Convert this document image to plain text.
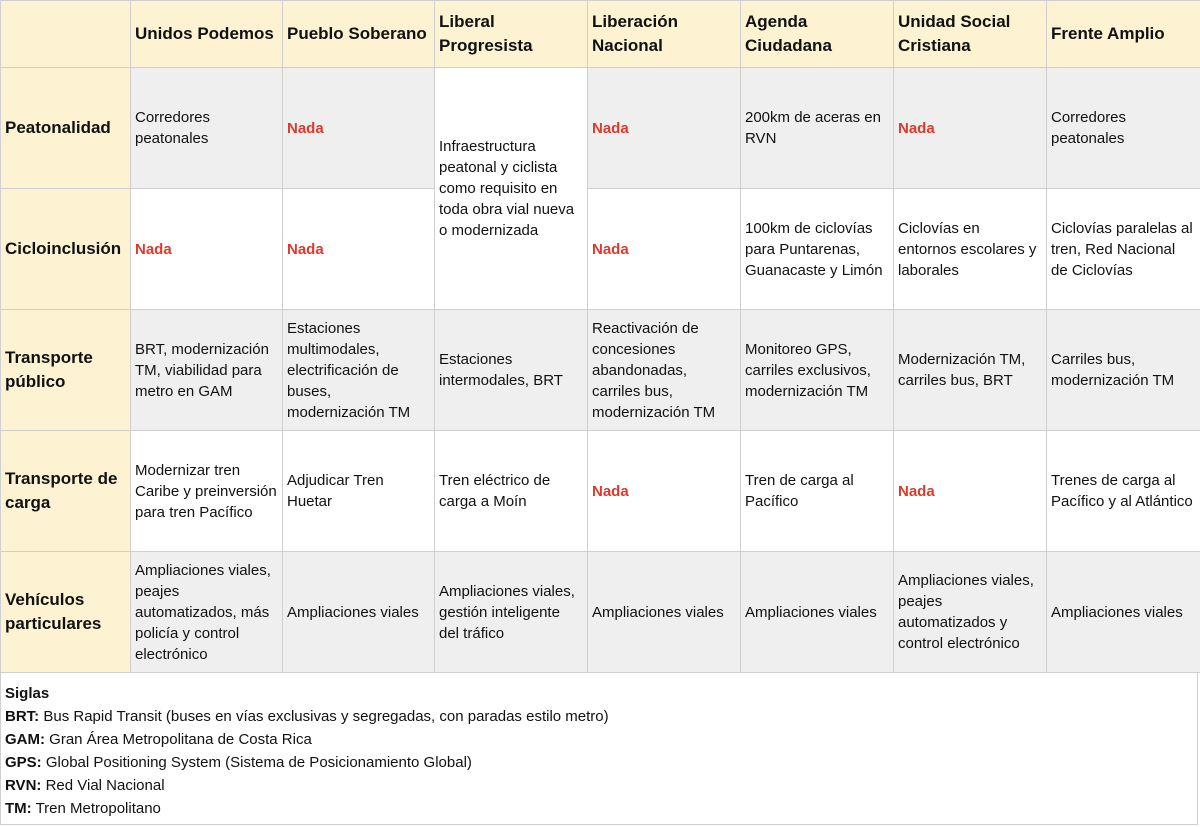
	Unidos Podemos	Pueblo Soberano	Liberal Progresista	Liberación Nacional	Agenda Ciudadana	Unidad Social Cristiana	Frente Amplio
Peatonalidad	Corredores peatonales	Nada	Infraestructura peatonal y ciclista como requisito en toda obra vial nueva o modernizada	Nada	200km de aceras en RVN	Nada	Corredores peatonales
Cicloinclusión	Nada	Nada		Nada	100km de ciclovías para Puntarenas, Guanacaste y Limón	Ciclovías en entornos escolares y laborales	Ciclovías paralelas al tren, Red Nacional de Ciclovías
Transporte público	BRT, modernización TM, viabilidad para metro en GAM	Estaciones multimodales, electrificación de buses, modernización TM	Estaciones intermodales, BRT	Reactivación de concesiones abandonadas, carriles bus, modernización TM	Monitoreo GPS, carriles exclusivos, modernización TM	Modernización TM, carriles bus, BRT	Carriles bus, modernización TM
Transporte de carga	Modernizar tren Caribe y preinversión para tren Pacífico	Adjudicar Tren Huetar	Tren eléctrico de carga a Moín	Nada	Tren de carga al Pacífico	Nada	Trenes de carga al Pacífico y al Atlántico
Vehículos particulares	Ampliaciones viales, peajes automatizados, más policía y control electrónico	Ampliaciones viales	Ampliaciones viales, gestión inteligente del tráfico	Ampliaciones viales	Ampliaciones viales	Ampliaciones viales, peajes automatizados y control electrónico	Ampliaciones viales
Siglas
BRT: Bus Rapid Transit (buses en vías exclusivas y segregadas, con paradas estilo metro)
GAM: Gran Área Metropolitana de Costa Rica
GPS: Global Positioning System (Sistema de Posicionamiento Global)
RVN: Red Vial Nacional
TM: Tren Metropolitano
